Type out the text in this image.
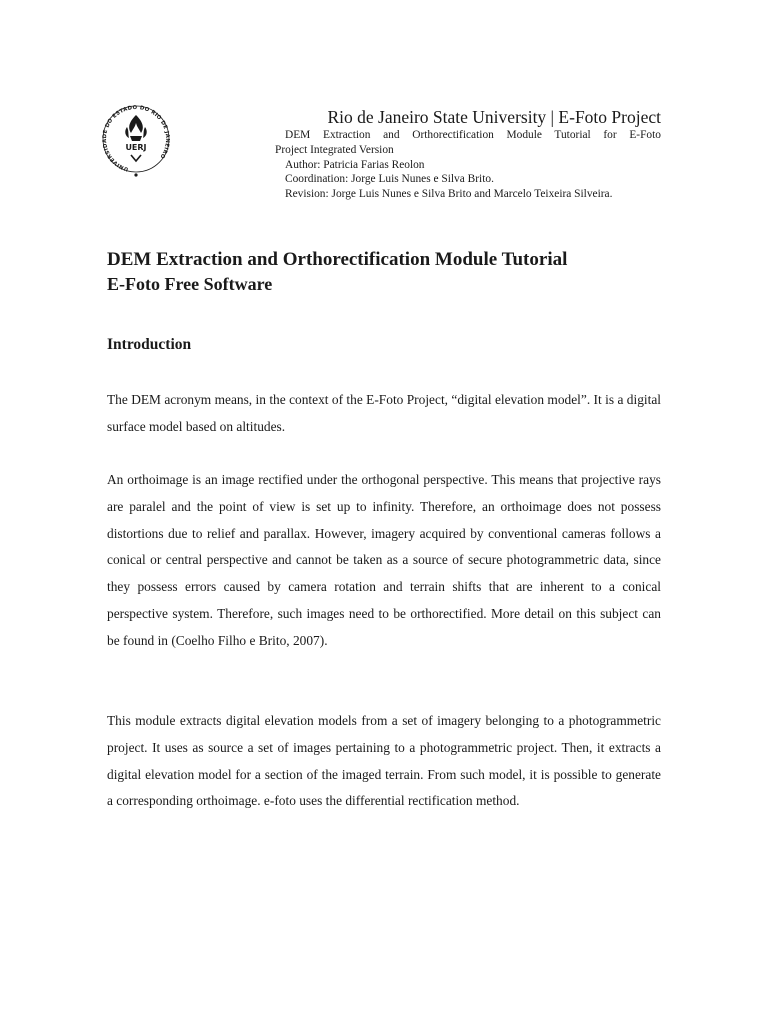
UNIVERSIDADE DO ESTADO DO RIO DE JANEIRO
UERJ

Rio de Janeiro State University | E-Foto Project

DEM Extraction and Orthorectification Module Tutorial for E-Foto

Project Integrated Version

Author: Patricia Farias Reolon

Coordination: Jorge Luis Nunes e Silva Brito.

Revision: Jorge Luis Nunes e Silva Brito and Marcelo Teixeira Silveira.

DEM Extraction and Orthorectification Module Tutorial
E-Foto Free Software
Introduction

The DEM acronym means, in the context of the E-Foto Project, “digital elevation model”. It is a digital surface model based on altitudes.

An orthoimage is an image rectified under the orthogonal perspective. This means that projective rays are paralel and the point of view is set up to infinity. Therefore, an orthoimage does not possess distortions due to relief and parallax. However, imagery acquired by conventional cameras follows a conical or central perspective and cannot be taken as a source of secure photogrammetric data, since they possess errors caused by camera rotation and terrain shifts that are inherent to a conical perspective system. Therefore, such images need to be orthorectified. More detail on this subject can be found in (Coelho Filho e Brito, 2007).

This module extracts digital elevation models from a set of imagery belonging to a photogrammetric project. It uses as source a set of images pertaining to a photogrammetric project. Then, it extracts a digital elevation model for a section of the imaged terrain. From such model, it is possible to generate a corresponding orthoimage. e-foto uses the differential rectification method.
